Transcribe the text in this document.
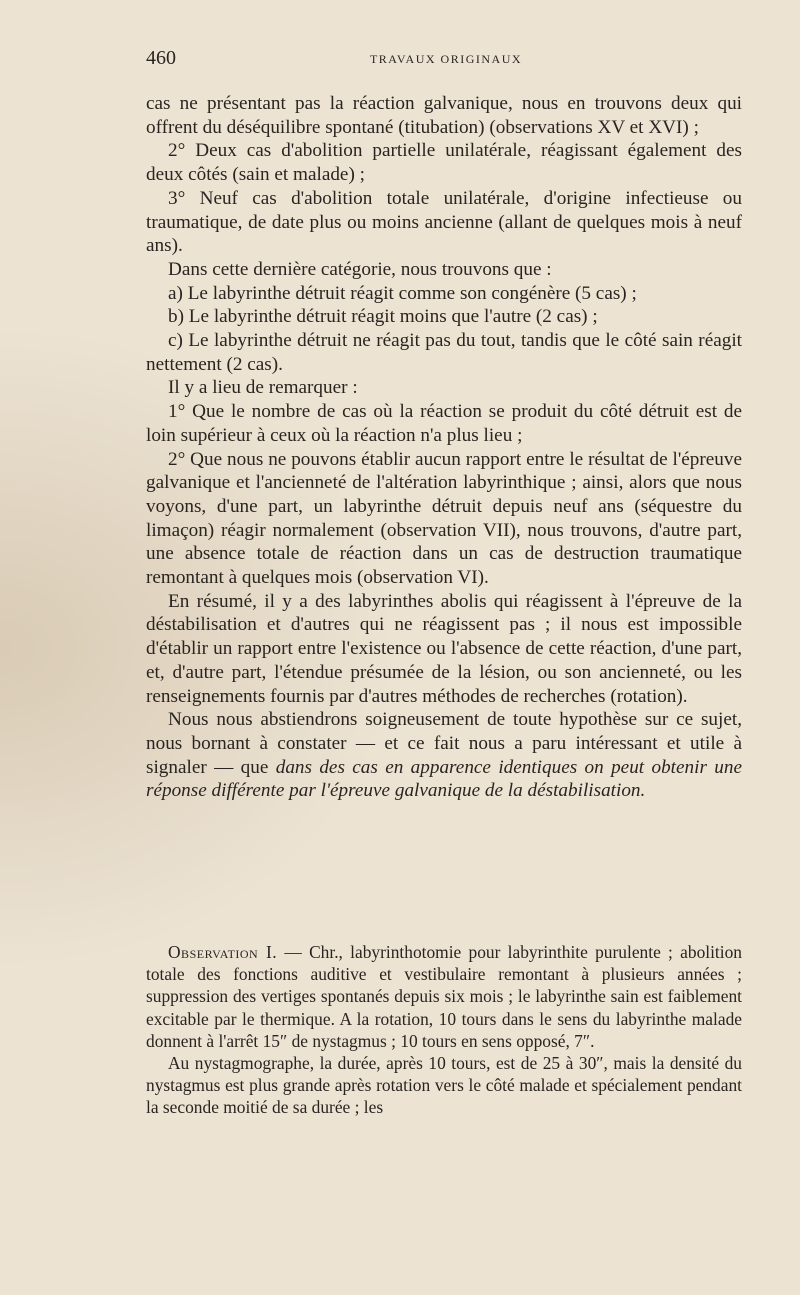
460	TRAVAUX ORIGINAUX

cas ne présentant pas la réaction galvanique, nous en trouvons deux qui offrent du déséquilibre spontané (titubation) (observations XV et XVI) ;

2° Deux cas d'abolition partielle unilatérale, réagissant également des deux côtés (sain et malade) ;

3° Neuf cas d'abolition totale unilatérale, d'origine infectieuse ou traumatique, de date plus ou moins ancienne (allant de quelques mois à neuf ans).

Dans cette dernière catégorie, nous trouvons que :

a) Le labyrinthe détruit réagit comme son congénère (5 cas) ;

b) Le labyrinthe détruit réagit moins que l'autre (2 cas) ;

c) Le labyrinthe détruit ne réagit pas du tout, tandis que le côté sain réagit nettement (2 cas).

Il y a lieu de remarquer :

1° Que le nombre de cas où la réaction se produit du côté détruit est de loin supérieur à ceux où la réaction n'a plus lieu ;

2° Que nous ne pouvons établir aucun rapport entre le résultat de l'épreuve galvanique et l'ancienneté de l'altération labyrinthique ; ainsi, alors que nous voyons, d'une part, un labyrinthe détruit depuis neuf ans (séquestre du limaçon) réagir normalement (observation VII), nous trouvons, d'autre part, une absence totale de réaction dans un cas de destruction traumatique remontant à quelques mois (observation VI).

En résumé, il y a des labyrinthes abolis qui réagissent à l'épreuve de la déstabilisation et d'autres qui ne réagissent pas ; il nous est impossible d'établir un rapport entre l'existence ou l'absence de cette réaction, d'une part, et, d'autre part, l'étendue présumée de la lésion, ou son ancienneté, ou les renseignements fournis par d'autres méthodes de recherches (rotation).

Nous nous abstiendrons soigneusement de toute hypothèse sur ce sujet, nous bornant à constater — et ce fait nous a paru intéressant et utile à signaler — que dans des cas en apparence identiques on peut obtenir une réponse différente par l'épreuve galvanique de la déstabilisation.

Observation I. — Chr., labyrinthotomie pour labyrinthite purulente ; abolition totale des fonctions auditive et vestibulaire remontant à plusieurs années ; suppression des vertiges spontanés depuis six mois ; le labyrinthe sain est faiblement excitable par le thermique. A la rotation, 10 tours dans le sens du labyrinthe malade donnent à l'arrêt 15″ de nystagmus ; 10 tours en sens opposé, 7″.

Au nystagmographe, la durée, après 10 tours, est de 25 à 30″, mais la densité du nystagmus est plus grande après rotation vers le côté malade et spécialement pendant la seconde moitié de sa durée ; les
